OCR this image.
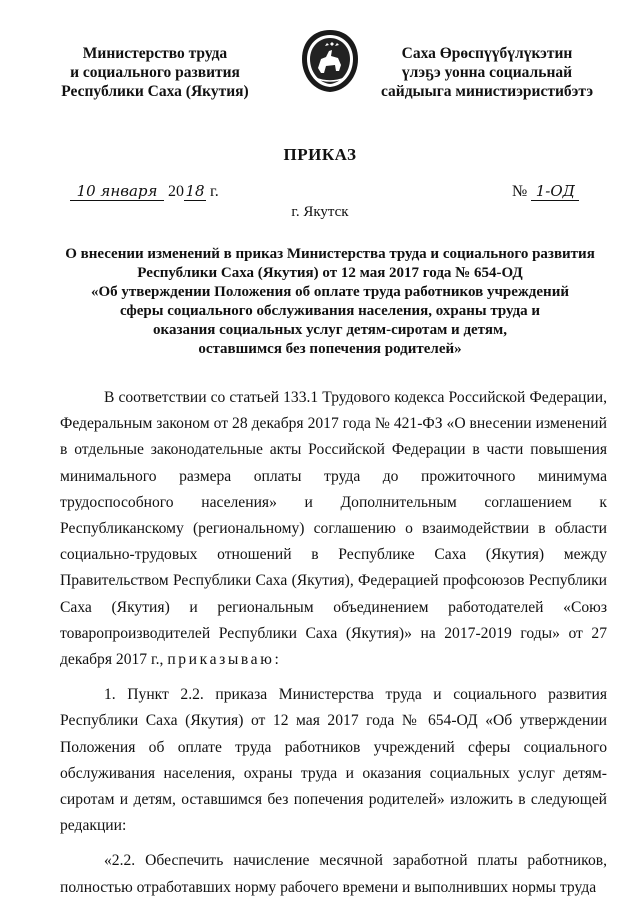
Министерство труда
и социального развития
Республики Саха (Якутия)
Саха Өрөспүүбүлүкэтин
үлэҕэ уонна социальнай
сайдыыга министиэристибэтэ
ПРИКАЗ
10 января 2018 г.	№ 1-ОД
г. Якутск
О внесении изменений в приказ Министерства труда и социального развития
Республики Саха (Якутия) от 12 мая 2017 года № 654-ОД
«Об утверждении Положения об оплате труда работников учреждений
сферы социального обслуживания населения, охраны труда и
оказания социальных услуг детям-сиротам и детям,
оставшимся без попечения родителей»

В соответствии со статьей 133.1 Трудового кодекса Российской Федерации, Федеральным законом от 28 декабря 2017 года № 421-ФЗ «О внесении изменений в отдельные законодательные акты Российской Федерации в части повышения минимального размера оплаты труда до прожиточного минимума трудоспособного населения» и Дополнительным соглашением к Республиканскому (региональному) соглашению о взаимодействии в области социально-трудовых отношений в Республике Саха (Якутия) между Правительством Республики Саха (Якутия), Федерацией профсоюзов Республики Саха (Якутия) и региональным объединением работодателей «Союз товаропроизводителей Республики Саха (Якутия)» на 2017-2019 годы» от 27 декабря 2017 г., приказываю:

1. Пункт 2.2. приказа Министерства труда и социального развития Республики Саха (Якутия) от 12 мая 2017 года № 654-ОД «Об утверждении Положения об оплате труда работников учреждений сферы социального обслуживания населения, охраны труда и оказания социальных услуг детям-сиротам и детям, оставшимся без попечения родителей» изложить в следующей редакции:

«2.2. Обеспечить начисление месячной заработной платы работников, полностью отработавших норму рабочего времени и выполнивших нормы труда
